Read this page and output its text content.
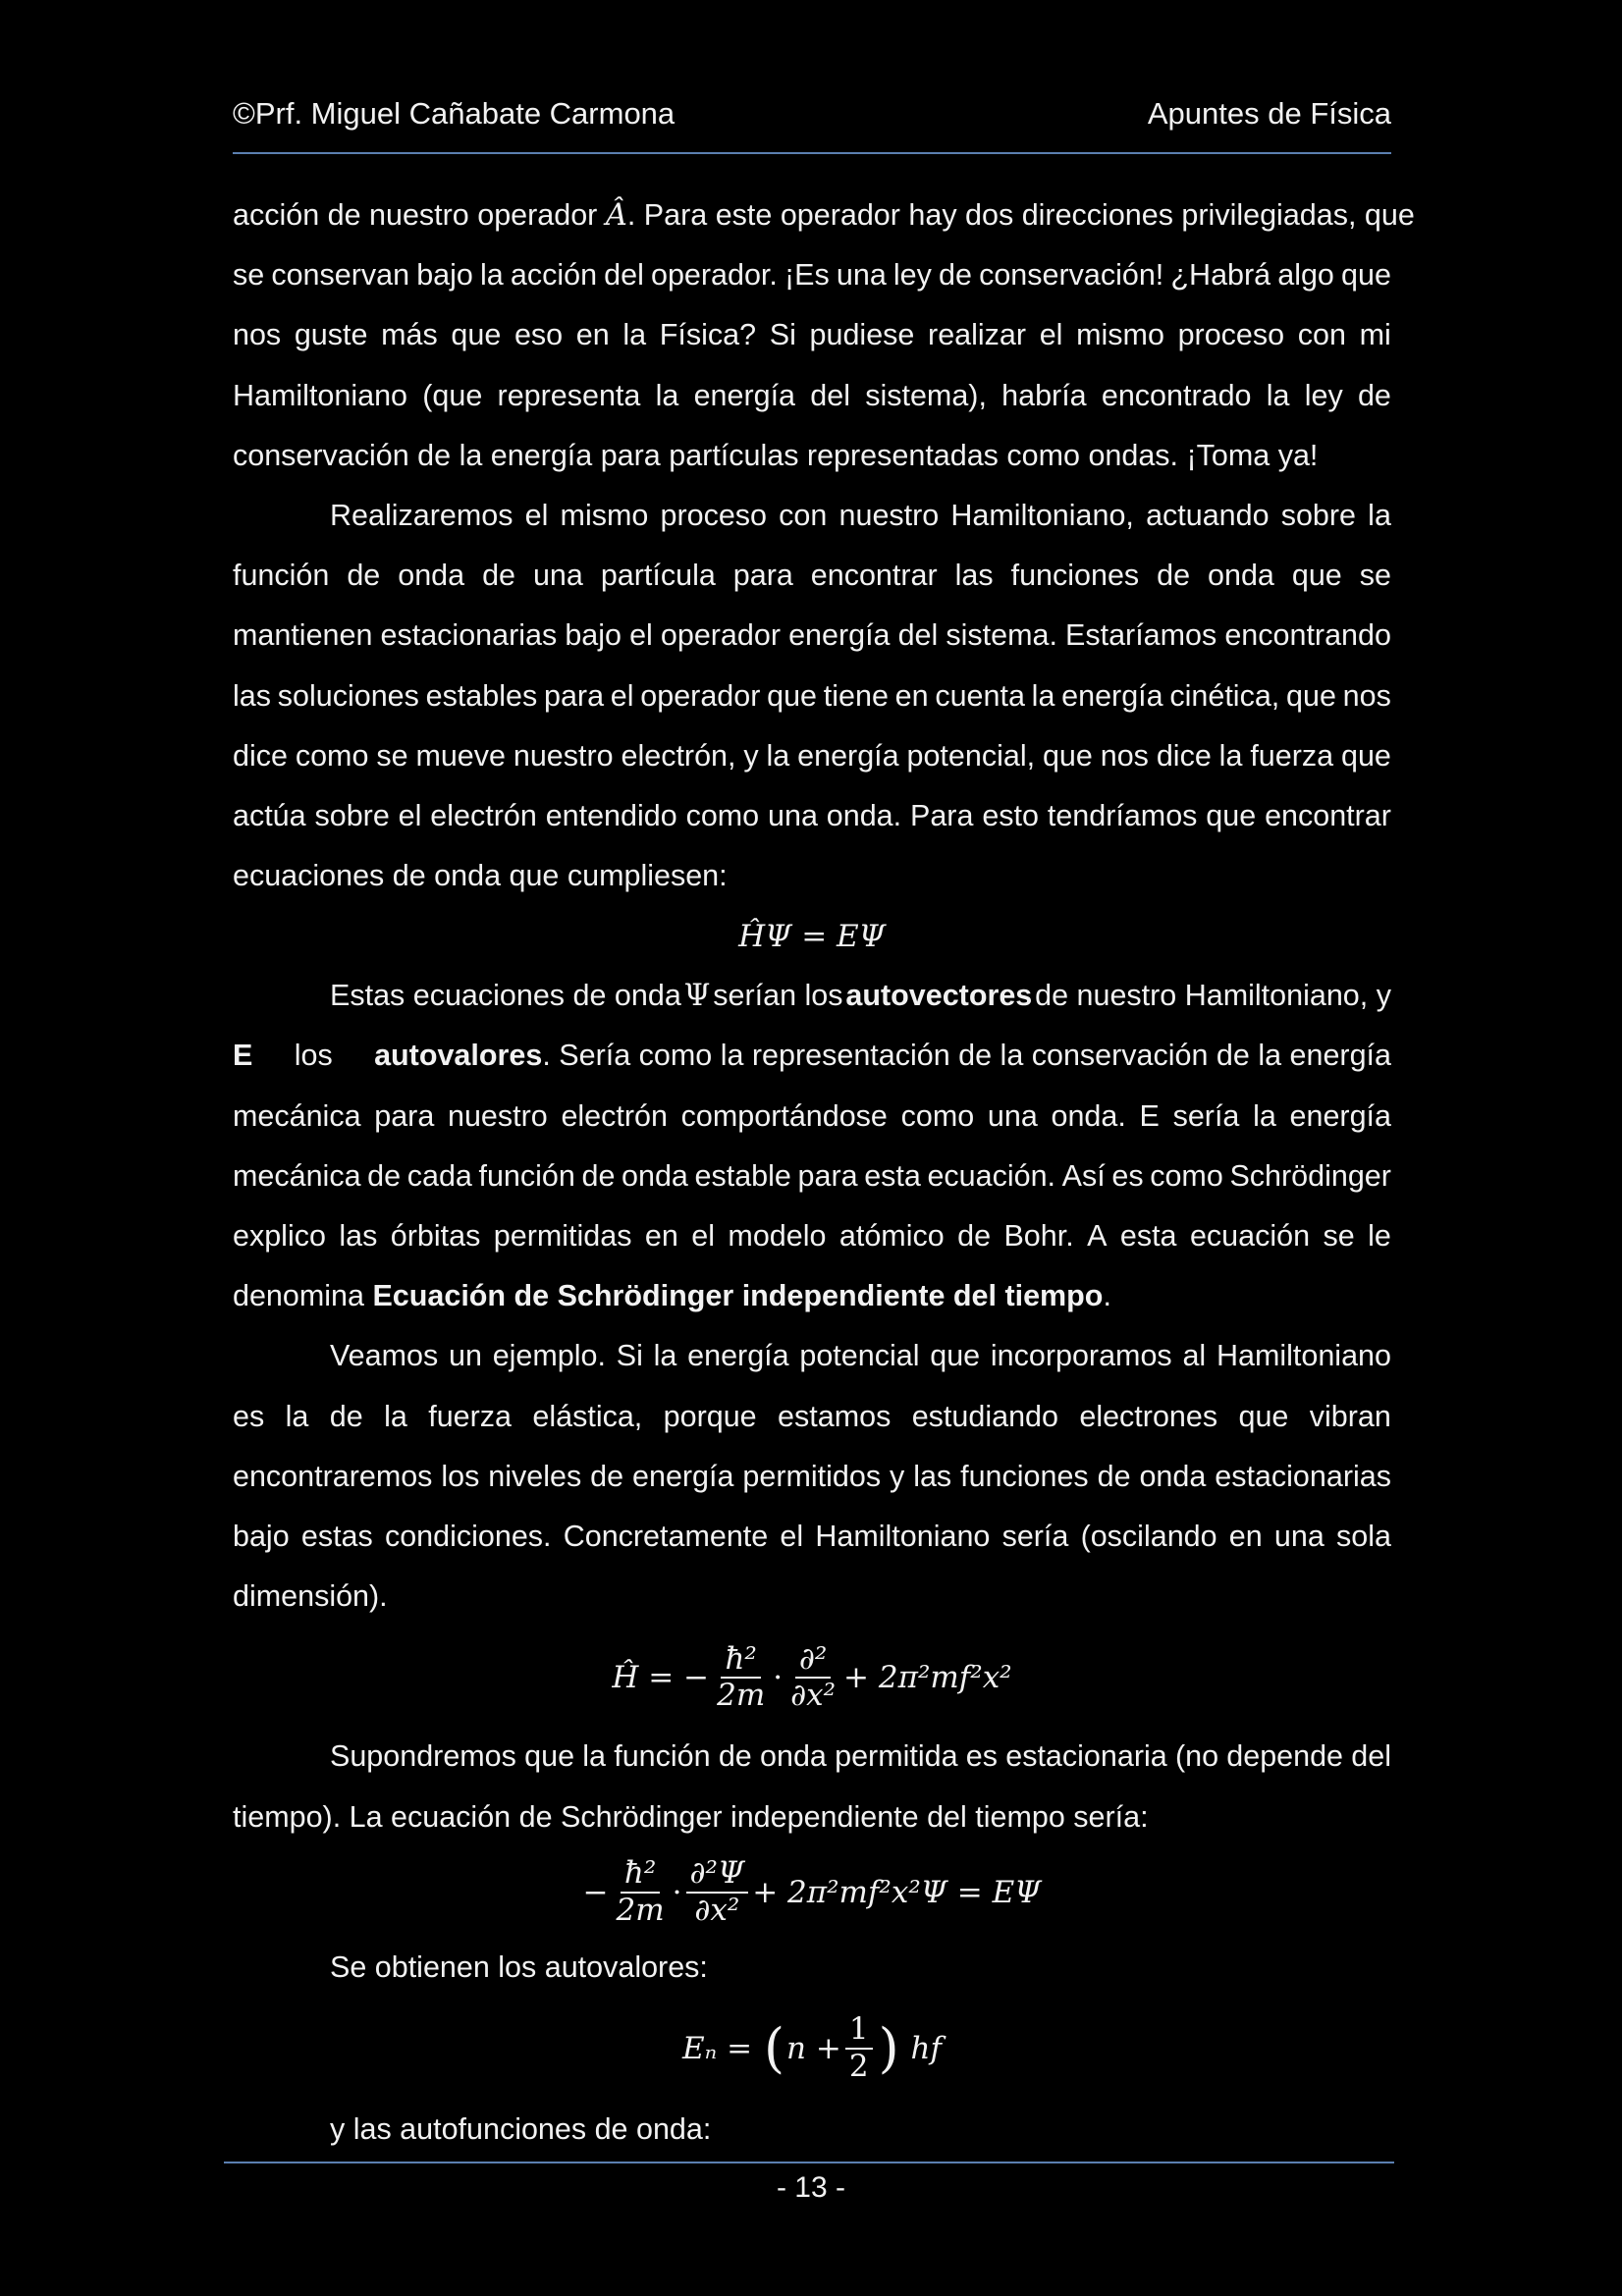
©Prf. Miguel Cañabate Carmona	Apuntes de Física
acción de nuestro operador Â. Para este operador hay dos direcciones privilegiadas, que
se conservan bajo la acción del operador. ¡Es una ley de conservación! ¿Habrá algo que
nos guste más que eso en la Física? Si pudiese realizar el mismo proceso con mi
Hamiltoniano (que representa la energía del sistema), habría encontrado la ley de
conservación de la energía para partículas representadas como ondas. ¡Toma ya!
Realizaremos el mismo proceso con nuestro Hamiltoniano, actuando sobre la
función de onda de una partícula para encontrar las funciones de onda que se
mantienen estacionarias bajo el operador energía del sistema. Estaríamos encontrando
las soluciones estables para el operador que tiene en cuenta la energía cinética, que nos
dice como se mueve nuestro electrón, y la energía potencial, que nos dice la fuerza que
actúa sobre el electrón entendido como una onda. Para esto tendríamos que encontrar
ecuaciones de onda que cumpliesen:
ĤΨ
=
EΨ
Estas ecuaciones de onda Ψ serían los autovectores de nuestro Hamiltoniano, y
E los autovalores. Sería como la representación de la conservación de la energía
mecánica para nuestro electrón comportándose como una onda. E sería la energía
mecánica de cada función de onda estable para esta ecuación. Así es como Schrödinger
explico las órbitas permitidas en el modelo atómico de Bohr. A esta ecuación se le
denomina
Ecuación de Schrödinger independiente del tiempo .
Veamos un ejemplo. Si la energía potencial que incorporamos al Hamiltoniano
es la de la fuerza elástica, porque estamos estudiando electrones que vibran
encontraremos los niveles de energía permitidos y las funciones de onda estacionarias
bajo estas condiciones. Concretamente el Hamiltoniano sería (oscilando en una sola
dimensión).
Ĥ
= − $\frac{\text{ħ²}}{2m} \cdot \frac{\text{∂²}}{\text{∂x²}} + 2\pi^2mf^2x^2$
Supondremos que la función de onda permitida es estacionaria (no depende del
tiempo). La ecuación de Schrödinger independiente del tiempo sería:
− $\frac{\text{ħ²}}{2m} \cdot \frac{\text{∂²Ψ}}{\text{∂x²}} + 2\pi^2mf^2x^2\Psi = E\Psi$
Se obtienen los autovalores:
Eₙ
=
( $n + \frac{1}{2}$ )
hf
y las autofunciones de onda:
- 13 -
